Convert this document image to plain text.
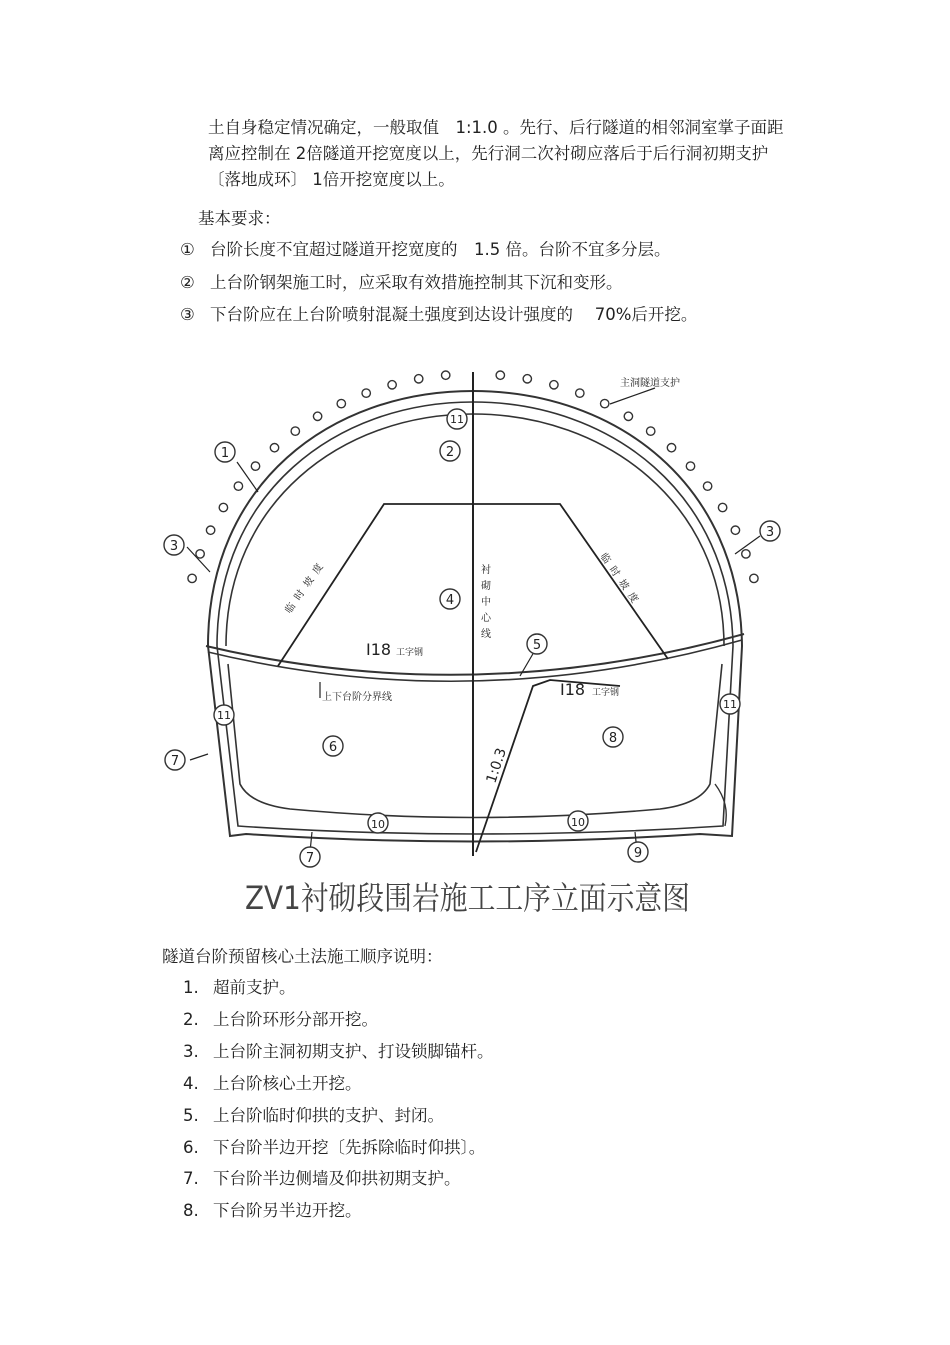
土自身稳定情况确定，一般取值　1:1.0 。先行、后行隧道的相邻洞室掌子面距
离应控制在 2倍隧道开挖宽度以上，先行洞二次衬砌应落后于后行洞初期支护
〔落地成环〕 1倍开挖宽度以上。
基本要求：
① 台阶长度不宜超过隧道开挖宽度的　1.5 倍。台阶不宜多分层。
② 上台阶钢架施工时，应采取有效措施控制其下沉和变形。
③ 下台阶应在上台阶喷射混凝土强度到达设计强度的　 70%后开挖。
1	2
3
3
4
5
6
7
7
8
9
10	10
11
11
11
主洞隧道支护
I18 工字钢
I18 工字钢
上下台阶分界线
衬砌中心线
1:0.3
临时坡度	临时坡度
ZV1衬砌段围岩施工工序立面示意图
隧道台阶预留核心土法施工顺序说明：
1. 超前支护。
2. 上台阶环形分部开挖。
3. 上台阶主洞初期支护、打设锁脚锚杆。
4. 上台阶核心土开挖。
5. 上台阶临时仰拱的支护、封闭。
6. 下台阶半边开挖〔先拆除临时仰拱〕。
7. 下台阶半边侧墙及仰拱初期支护。
8. 下台阶另半边开挖。
